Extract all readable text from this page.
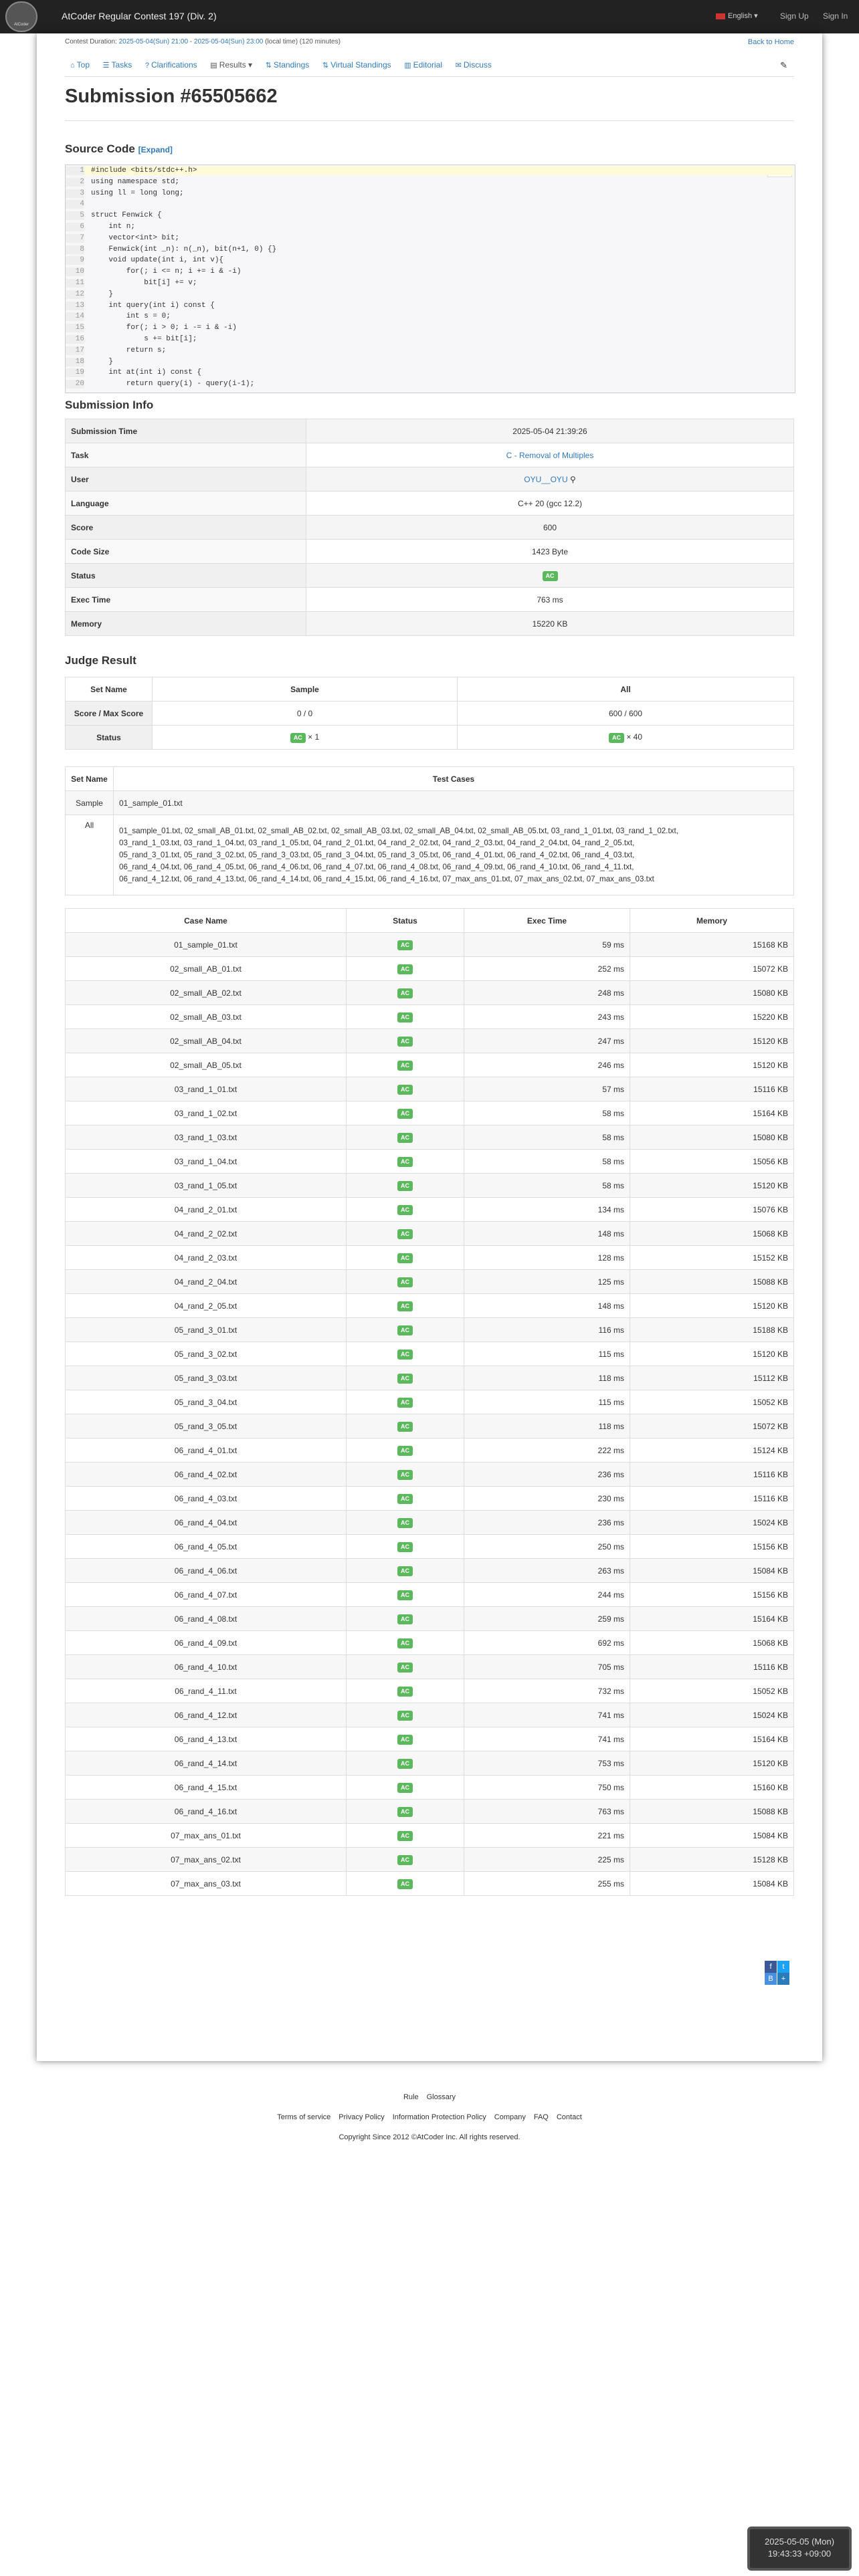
AtCoder
AtCoder Regular Contest 197 (Div. 2)	English ▾	Sign Up Sign In
Contest Duration: 2025-05-04(Sun) 21:00 - 2025-05-04(Sun) 23:00 (local time) (120 minutes)	Back to Home
⌂ Top ☰ Tasks ? Clarifications ▤ Results ▾ ⇅ Standings ⇅ Virtual Standings ▥ Editorial ✉ Discuss	✎
Submission #65505662
Source Code [Expand]
1 #include <bits/stdc++.h>
2 using namespace std;
3 using ll = long long;
4
5 struct Fenwick {
6 int n;
7 vector<int> bit;
8 Fenwick(int _n): n(_n), bit(n+1, 0) {}
9 void update(int i, int v){
10 for(; i <= n; i += i & -i)
11 bit[i] += v;
12 }
13 int query(int i) const {
14 int s = 0;
15 for(; i > 0; i -= i & -i)
16 s += bit[i];
17 return s;
18 }
19 int at(int i) const {
20 return query(i) - query(i-1);
Submission Info
Submission Time	2025-05-04 21:39:26
Task	C - Removal of Multiples
User	OYU__OYU ⚲
Language	C++ 20 (gcc 12.2)
Score	600
Code Size	1423 Byte
Status	AC
Exec Time	763 ms
Memory	15220 KB
Judge Result
Set Name	Sample	All
Score / Max Score	0 / 0	600 / 600
Status	AC × 1	AC × 40
Set Name	Test Cases
Sample	01_sample_01.txt
All	01_sample_01.txt, 02_small_AB_01.txt, 02_small_AB_02.txt, 02_small_AB_03.txt, 02_small_AB_04.txt, 02_small_AB_05.txt, 03_rand_1_01.txt, 03_rand_1_02.txt,
03_rand_1_03.txt, 03_rand_1_04.txt, 03_rand_1_05.txt, 04_rand_2_01.txt, 04_rand_2_02.txt, 04_rand_2_03.txt, 04_rand_2_04.txt, 04_rand_2_05.txt,
05_rand_3_01.txt, 05_rand_3_02.txt, 05_rand_3_03.txt, 05_rand_3_04.txt, 05_rand_3_05.txt, 06_rand_4_01.txt, 06_rand_4_02.txt, 06_rand_4_03.txt,
06_rand_4_04.txt, 06_rand_4_05.txt, 06_rand_4_06.txt, 06_rand_4_07.txt, 06_rand_4_08.txt, 06_rand_4_09.txt, 06_rand_4_10.txt, 06_rand_4_11.txt,
06_rand_4_12.txt, 06_rand_4_13.txt, 06_rand_4_14.txt, 06_rand_4_15.txt, 06_rand_4_16.txt, 07_max_ans_01.txt, 07_max_ans_02.txt, 07_max_ans_03.txt
Case Name	Status	Exec Time	Memory
01_sample_01.txt	AC	59 ms	15168 KB
02_small_AB_01.txt	AC	252 ms	15072 KB
02_small_AB_02.txt	AC	248 ms	15080 KB
02_small_AB_03.txt	AC	243 ms	15220 KB
02_small_AB_04.txt	AC	247 ms	15120 KB
02_small_AB_05.txt	AC	246 ms	15120 KB
03_rand_1_01.txt	AC	57 ms	15116 KB
03_rand_1_02.txt	AC	58 ms	15164 KB
03_rand_1_03.txt	AC	58 ms	15080 KB
03_rand_1_04.txt	AC	58 ms	15056 KB
03_rand_1_05.txt	AC	58 ms	15120 KB
04_rand_2_01.txt	AC	134 ms	15076 KB
04_rand_2_02.txt	AC	148 ms	15068 KB
04_rand_2_03.txt	AC	128 ms	15152 KB
04_rand_2_04.txt	AC	125 ms	15088 KB
04_rand_2_05.txt	AC	148 ms	15120 KB
05_rand_3_01.txt	AC	116 ms	15188 KB
05_rand_3_02.txt	AC	115 ms	15120 KB
05_rand_3_03.txt	AC	118 ms	15112 KB
05_rand_3_04.txt	AC	115 ms	15052 KB
05_rand_3_05.txt	AC	118 ms	15072 KB
06_rand_4_01.txt	AC	222 ms	15124 KB
06_rand_4_02.txt	AC	236 ms	15116 KB
06_rand_4_03.txt	AC	230 ms	15116 KB
06_rand_4_04.txt	AC	236 ms	15024 KB
06_rand_4_05.txt	AC	250 ms	15156 KB
06_rand_4_06.txt	AC	263 ms	15084 KB
06_rand_4_07.txt	AC	244 ms	15156 KB
06_rand_4_08.txt	AC	259 ms	15164 KB
06_rand_4_09.txt	AC	692 ms	15068 KB
06_rand_4_10.txt	AC	705 ms	15116 KB
06_rand_4_11.txt	AC	732 ms	15052 KB
06_rand_4_12.txt	AC	741 ms	15024 KB
06_rand_4_13.txt	AC	741 ms	15164 KB
06_rand_4_14.txt	AC	753 ms	15120 KB
06_rand_4_15.txt	AC	750 ms	15160 KB
06_rand_4_16.txt	AC	763 ms	15088 KB
07_max_ans_01.txt	AC	221 ms	15084 KB
07_max_ans_02.txt	AC	225 ms	15128 KB
07_max_ans_03.txt	AC	255 ms	15084 KB
f tB +
Rule Glossary
Terms of service Privacy Policy Information Protection Policy Company FAQ Contact
Copyright Since 2012 ©AtCoder Inc. All rights reserved.
2025-05-05 (Mon)
19:43:33 +09:00
